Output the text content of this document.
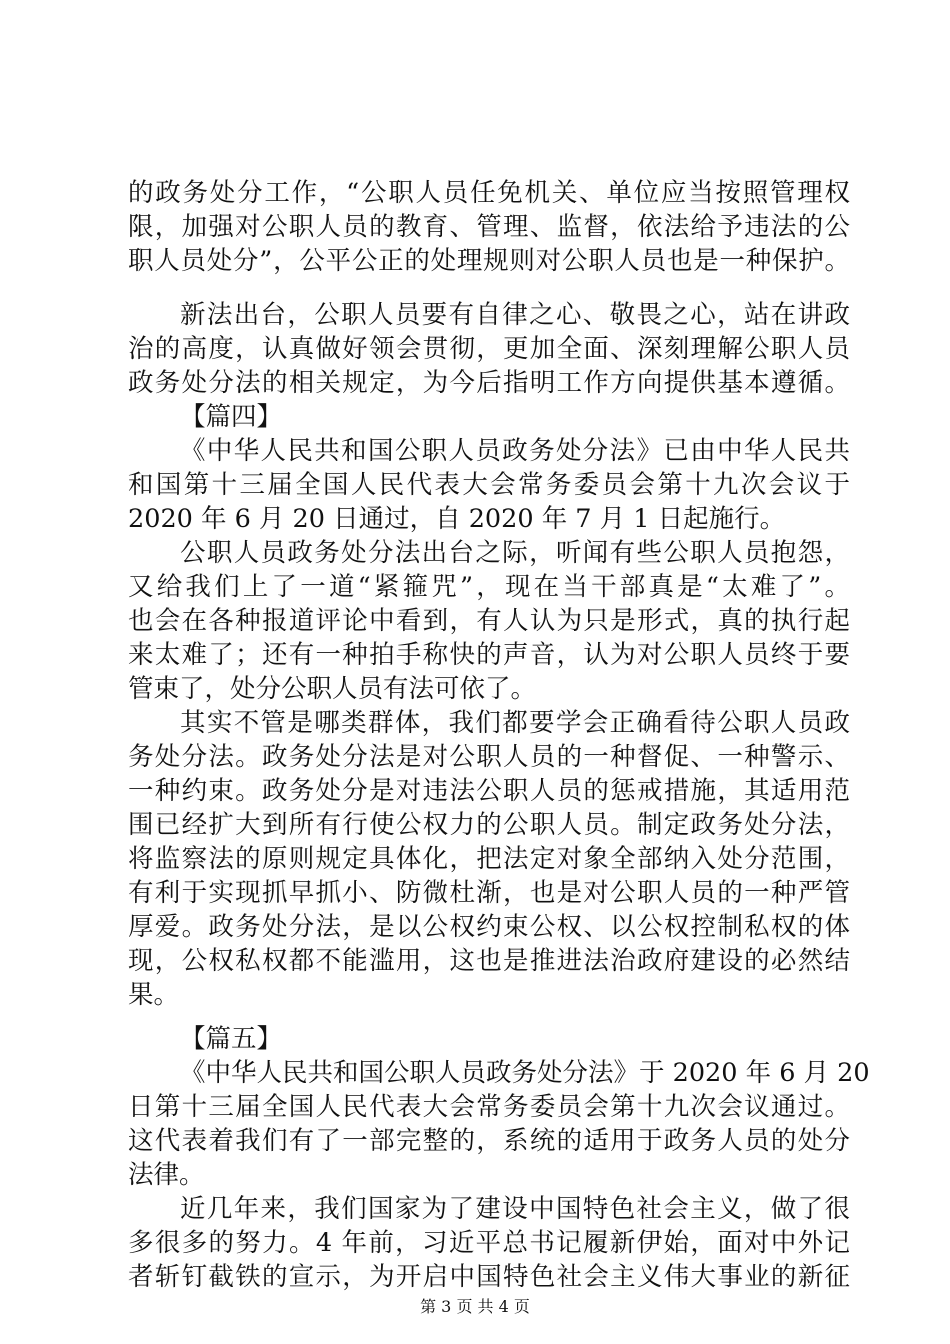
的政务处分工作，“公职人员任免机关、单位应当按照管理权
限，加强对公职人员的教育、管理、监督，依法给予违法的公
职人员处分”，公平公正的处理规则对公职人员也是一种保护。
新法出台，公职人员要有自律之心、敬畏之心，站在讲政
治的高度，认真做好领会贯彻，更加全面、深刻理解公职人员
政务处分法的相关规定，为今后指明工作方向提供基本遵循。
【篇四】
《中华人民共和国公职人员政务处分法》已由中华人民共
和国第十三届全国人民代表大会常务委员会第十九次会议于
2020 年 6 月 20 日通过，自 2020 年 7 月 1 日起施行。
公职人员政务处分法出台之际，听闻有些公职人员抱怨，
又给我们上了一道“紧箍咒”，现在当干部真是“太难了”。
也会在各种报道评论中看到，有人认为只是形式，真的执行起
来太难了；还有一种拍手称快的声音，认为对公职人员终于要
管束了，处分公职人员有法可依了。
其实不管是哪类群体，我们都要学会正确看待公职人员政
务处分法。政务处分法是对公职人员的一种督促、一种警示、
一种约束。政务处分是对违法公职人员的惩戒措施，其适用范
围已经扩大到所有行使公权力的公职人员。制定政务处分法，
将监察法的原则规定具体化，把法定对象全部纳入处分范围，
有利于实现抓早抓小、防微杜渐，也是对公职人员的一种严管
厚爱。政务处分法，是以公权约束公权、以公权控制私权的体
现，公权私权都不能滥用，这也是推进法治政府建设的必然结
果。
【篇五】
《中华人民共和国公职人员政务处分法》于 2020 年 6 月 20
日第十三届全国人民代表大会常务委员会第十九次会议通过。
这代表着我们有了一部完整的，系统的适用于政务人员的处分
法律。
近几年来，我们国家为了建设中国特色社会主义，做了很
多很多的努力。4 年前，习近平总书记履新伊始，面对中外记
者斩钉截铁的宣示，为开启中国特色社会主义伟大事业的新征
第 3 页 共 4 页
